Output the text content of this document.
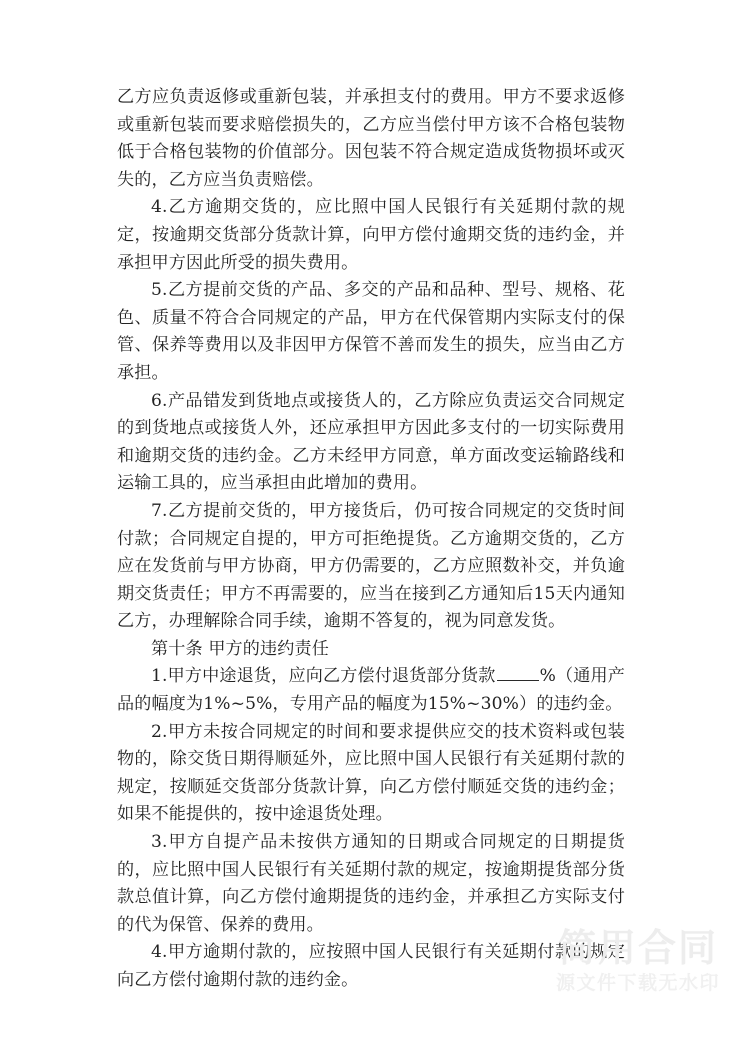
乙方应负责返修或重新包装，并承担支付的费用。甲方不要求返修或重新包装而要求赔偿损失的，乙方应当偿付甲方该不合格包装物低于合格包装物的价值部分。因包装不符合规定造成货物损坏或灭失的，乙方应当负责赔偿。

4.乙方逾期交货的，应比照中国人民银行有关延期付款的规定，按逾期交货部分货款计算，向甲方偿付逾期交货的违约金，并承担甲方因此所受的损失费用。

5.乙方提前交货的产品、多交的产品和品种、型号、规格、花色、质量不符合合同规定的产品，甲方在代保管期内实际支付的保管、保养等费用以及非因甲方保管不善而发生的损失，应当由乙方承担。

6.产品错发到货地点或接货人的，乙方除应负责运交合同规定的到货地点或接货人外，还应承担甲方因此多支付的一切实际费用和逾期交货的违约金。乙方未经甲方同意，单方面改变运输路线和运输工具的，应当承担由此增加的费用。

7.乙方提前交货的，甲方接货后，仍可按合同规定的交货时间付款；合同规定自提的，甲方可拒绝提货。乙方逾期交货的，乙方应在发货前与甲方协商，甲方仍需要的，乙方应照数补交，并负逾期交货责任；甲方不再需要的，应当在接到乙方通知后15天内通知乙方，办理解除合同手续，逾期不答复的，视为同意发货。

第十条 甲方的违约责任

1.甲方中途退货，应向乙方偿付退货部分货款	%（通用产品的幅度为1%~5%，专用产品的幅度为15%~30%）的违约金。

2.甲方未按合同规定的时间和要求提供应交的技术资料或包装物的，除交货日期得顺延外，应比照中国人民银行有关延期付款的规定，按顺延交货部分货款计算，向乙方偿付顺延交货的违约金；如果不能提供的，按中途退货处理。

3.甲方自提产品未按供方通知的日期或合同规定的日期提货的，应比照中国人民银行有关延期付款的规定，按逾期提货部分货款总值计算，向乙方偿付逾期提货的违约金，并承担乙方实际支付的代为保管、保养的费用。

4.甲方逾期付款的，应按照中国人民银行有关延期付款的规定向乙方偿付逾期付款的违约金。

简用合同
源文件下载无水印
